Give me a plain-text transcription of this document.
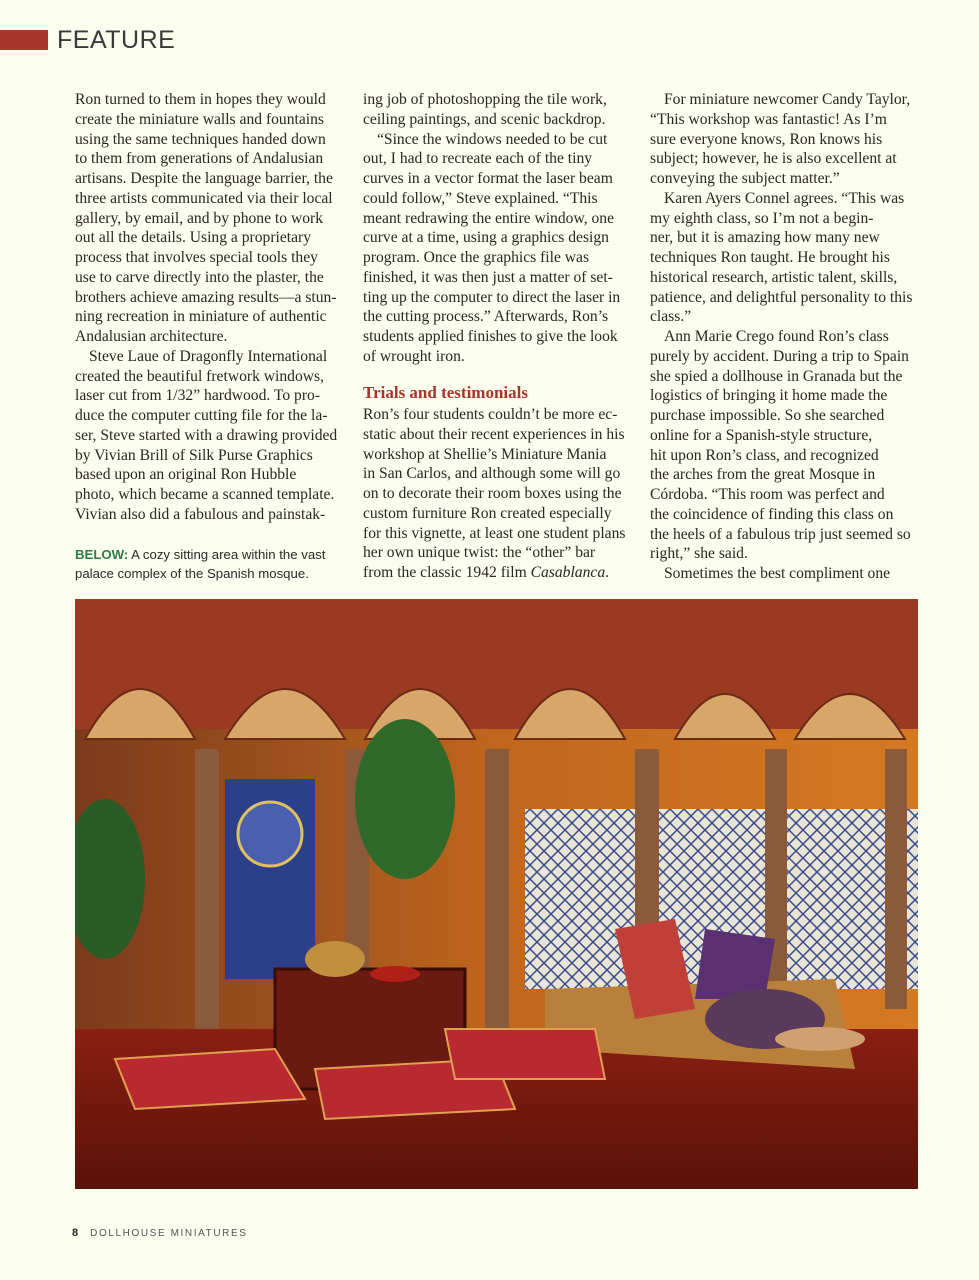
FEATURE
Ron turned to them in hopes they would
create the miniature walls and fountains
using the same techniques handed down
to them from generations of Andalusian
artisans. Despite the language barrier, the
three artists communicated via their local
gallery, by email, and by phone to work
out all the details. Using a proprietary
process that involves special tools they
use to carve directly into the plaster, the
brothers achieve amazing results—a stun-
ning recreation in miniature of authentic
Andalusian architecture.
Steve Laue of Dragonfly International
created the beautiful fretwork windows,
laser cut from 1/32” hardwood. To pro-
duce the computer cutting file for the la-
ser, Steve started with a drawing provided
by Vivian Brill of Silk Purse Graphics
based upon an original Ron Hubble
photo, which became a scanned template.
Vivian also did a fabulous and painstak-
ing job of photoshopping the tile work,
ceiling paintings, and scenic backdrop.
“Since the windows needed to be cut
out, I had to recreate each of the tiny
curves in a vector format the laser beam
could follow,” Steve explained. “This
meant redrawing the entire window, one
curve at a time, using a graphics design
program. Once the graphics file was
finished, it was then just a matter of set-
ting up the computer to direct the laser in
the cutting process.” Afterwards, Ron’s
students applied finishes to give the look
of wrought iron.
Trials and testimonials
Ron’s four students couldn’t be more ec-
static about their recent experiences in his
workshop at Shellie’s Miniature Mania
in San Carlos, and although some will go
on to decorate their room boxes using the
custom furniture Ron created especially
for this vignette, at least one student plans
her own unique twist: the “other” bar
from the classic 1942 film Casablanca.
For miniature newcomer Candy Taylor,
“This workshop was fantastic! As I’m
sure everyone knows, Ron knows his
subject; however, he is also excellent at
conveying the subject matter.”
Karen Ayers Connel agrees. “This was
my eighth class, so I’m not a begin-
ner, but it is amazing how many new
techniques Ron taught. He brought his
historical research, artistic talent, skills,
patience, and delightful personality to this
class.”
Ann Marie Crego found Ron’s class
purely by accident. During a trip to Spain
she spied a dollhouse in Granada but the
logistics of bringing it home made the
purchase impossible. So she searched
online for a Spanish-style structure,
hit upon Ron’s class, and recognized
the arches from the great Mosque in
Córdoba. “This room was perfect and
the coincidence of finding this class on
the heels of a fabulous trip just seemed so
right,” she said.
Sometimes the best compliment one
BELOW: A cozy sitting area within the vast palace complex of the Spanish mosque.
8 DOLLHOUSE MINIATURES
